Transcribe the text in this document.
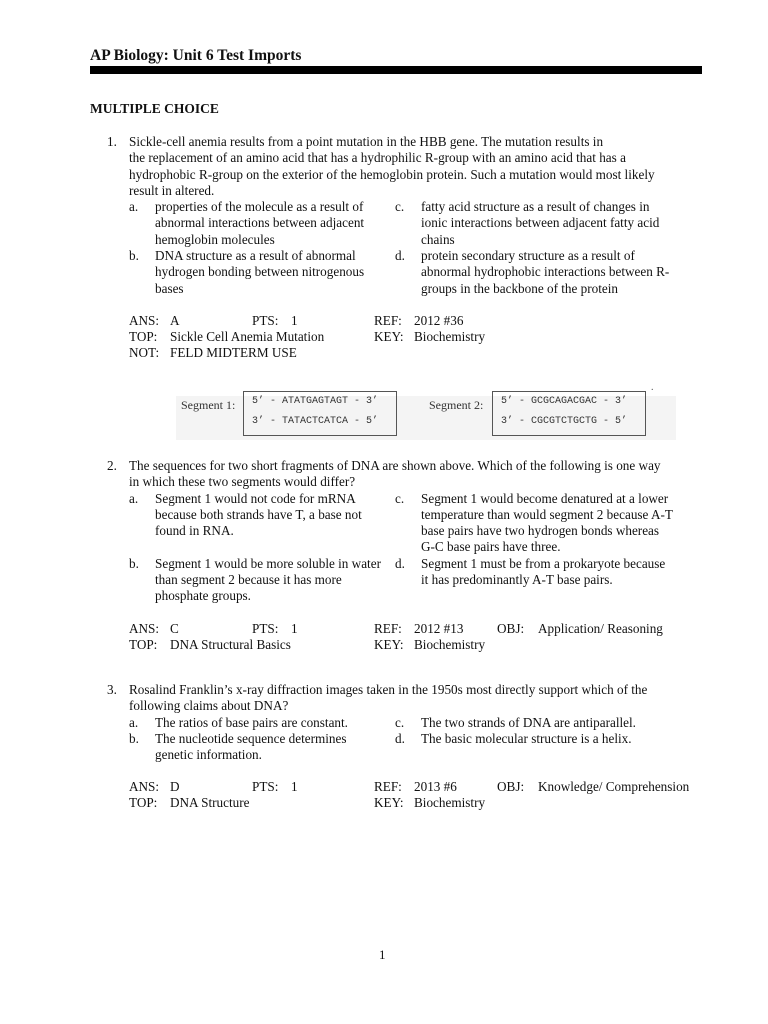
AP Biology: Unit 6 Test Imports
MULTIPLE CHOICE
1. Sickle-cell anemia results from a point mutation in the HBB gene. The mutation results in
the replacement of an amino acid that has a hydrophilic R-group with an amino acid that has a
hydrophobic R-group on the exterior of the hemoglobin protein. Such a mutation would most likely
result in altered.
a.	properties of the molecule as a result of abnormal interactions between adjacent hemoglobin molecules
c.	fatty acid structure as a result of changes in ionic interactions between adjacent fatty acid chains
b.	DNA structure as a result of abnormal hydrogen bonding between nitrogenous bases
d.	protein secondary structure as a result of abnormal hydrophobic interactions between R-groups in the backbone of the protein
ANS: A	PTS: 1	REF: 2012 #36
TOP: Sickle Cell Anemia Mutation	KEY: Biochemistry
NOT: FELD MIDTERM USE
.
Segment 1:	5’ - ATATGAGTAGT - 3’
3’ - TATACTCATCA - 5’
Segment 2:	5’ - GCGCAGACGAC - 3’
3’ - CGCGTCTGCTG - 5’
2. The sequences for two short fragments of DNA are shown above. Which of the following is one way
in which these two segments would differ?
a.	Segment 1 would not code for mRNA because both strands have T, a base not found in RNA.
c.	Segment 1 would become denatured at a lower temperature than would segment 2 because A-T base pairs have two hydrogen bonds whereas G-C base pairs have three.
b.	Segment 1 would be more soluble in water than segment 2 because it has more phosphate groups.
d.	Segment 1 must be from a prokaryote because it has predominantly A-T base pairs.
ANS: C	PTS: 1	REF: 2012 #13	OBJ: Application/ Reasoning
TOP: DNA Structural Basics	KEY: Biochemistry
3. Rosalind Franklin’s x-ray diffraction images taken in the 1950s most directly support which of the
following claims about DNA?
a.	The ratios of base pairs are constant.	c.	The two strands of DNA are antiparallel.
b.	The nucleotide sequence determines genetic information.
d.	The basic molecular structure is a helix.
ANS: D	PTS: 1	REF: 2013 #6	OBJ: Knowledge/ Comprehension
TOP: DNA Structure	KEY: Biochemistry
1
